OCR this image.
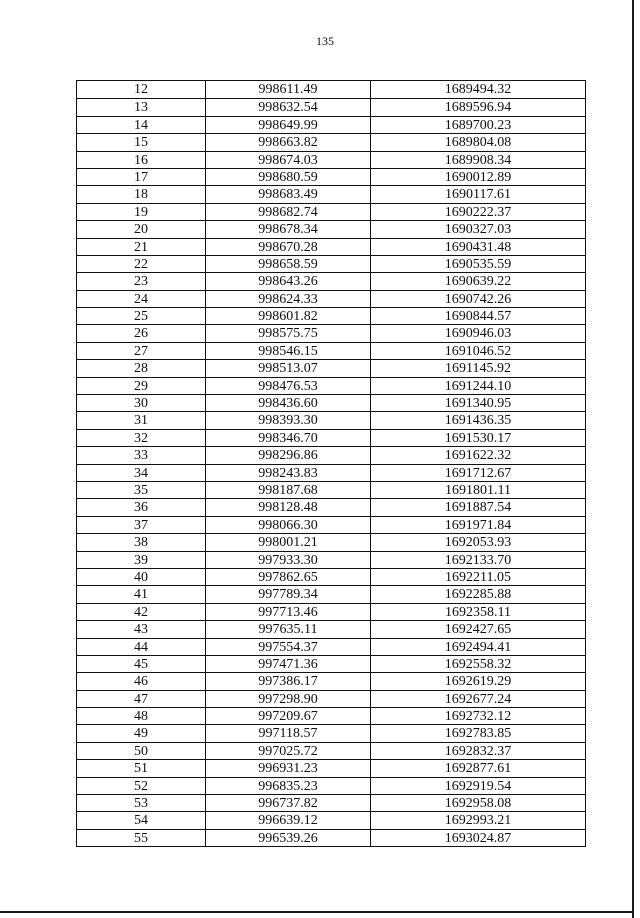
135
12	998611.49	1689494.32
13	998632.54	1689596.94
14	998649.99	1689700.23
15	998663.82	1689804.08
16	998674.03	1689908.34
17	998680.59	1690012.89
18	998683.49	1690117.61
19	998682.74	1690222.37
20	998678.34	1690327.03
21	998670.28	1690431.48
22	998658.59	1690535.59
23	998643.26	1690639.22
24	998624.33	1690742.26
25	998601.82	1690844.57
26	998575.75	1690946.03
27	998546.15	1691046.52
28	998513.07	1691145.92
29	998476.53	1691244.10
30	998436.60	1691340.95
31	998393.30	1691436.35
32	998346.70	1691530.17
33	998296.86	1691622.32
34	998243.83	1691712.67
35	998187.68	1691801.11
36	998128.48	1691887.54
37	998066.30	1691971.84
38	998001.21	1692053.93
39	997933.30	1692133.70
40	997862.65	1692211.05
41	997789.34	1692285.88
42	997713.46	1692358.11
43	997635.11	1692427.65
44	997554.37	1692494.41
45	997471.36	1692558.32
46	997386.17	1692619.29
47	997298.90	1692677.24
48	997209.67	1692732.12
49	997118.57	1692783.85
50	997025.72	1692832.37
51	996931.23	1692877.61
52	996835.23	1692919.54
53	996737.82	1692958.08
54	996639.12	1692993.21
55	996539.26	1693024.87
